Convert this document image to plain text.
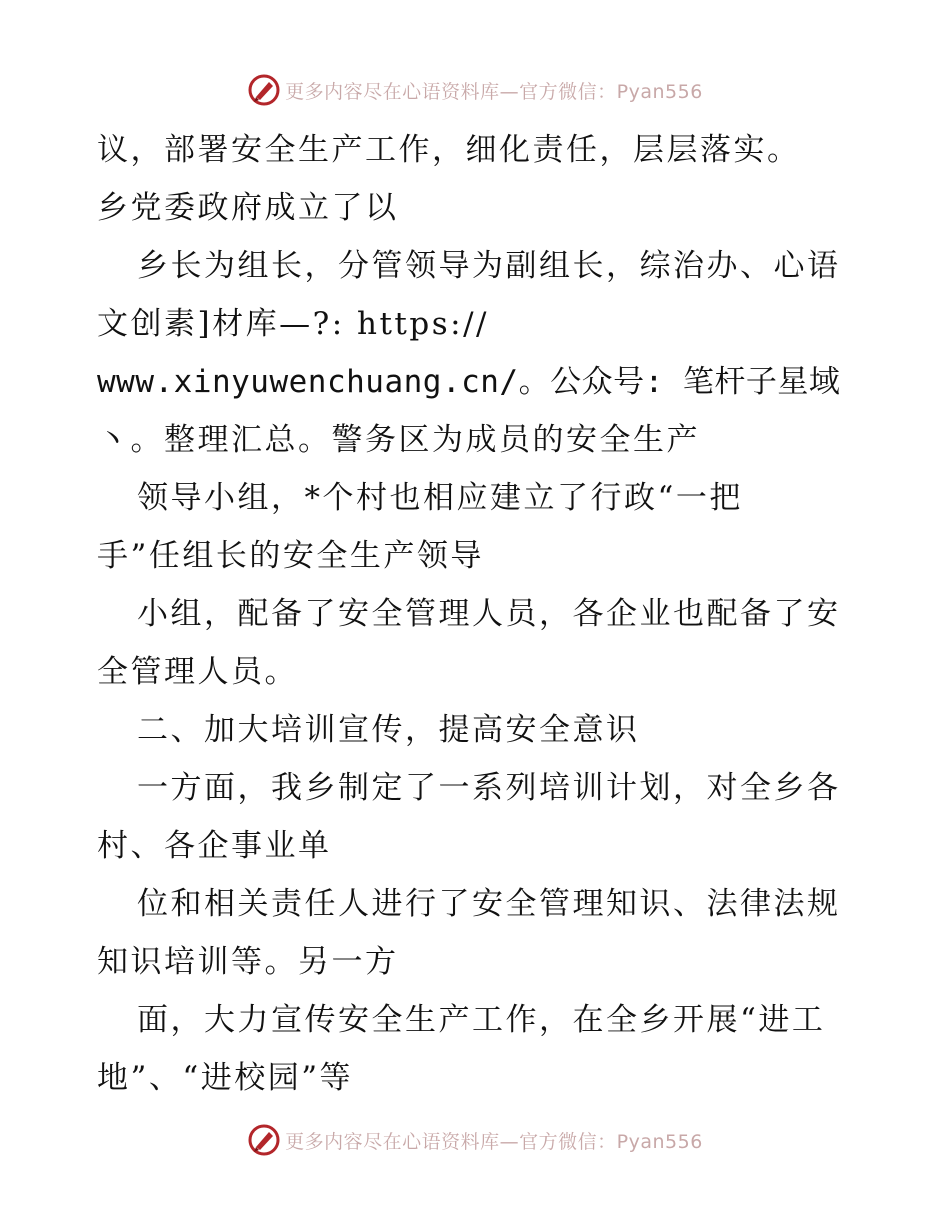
更多内容尽在心语资料库—官方微信：Pyan556
议，部署安全生产工作，细化责任，层层落实。
乡党委政府成立了以
乡长为组长，分管领导为副组长，综治办、心语
文创素]材库—?: https://
www.xinyuwenchuang.cn/。公众号: 笔杆子星域
丶。整理汇总。警务区为成员的安全生产
领导小组，*个村也相应建立了行政“一把
手”任组长的安全生产领导
小组，配备了安全管理人员，各企业也配备了安
全管理人员。
二、加大培训宣传，提高安全意识
一方面，我乡制定了一系列培训计划，对全乡各
村、各企事业单
位和相关责任人进行了安全管理知识、法律法规
知识培训等。另一方
面，大力宣传安全生产工作，在全乡开展“进工
地”、“进校园”等
更多内容尽在心语资料库—官方微信：Pyan556
